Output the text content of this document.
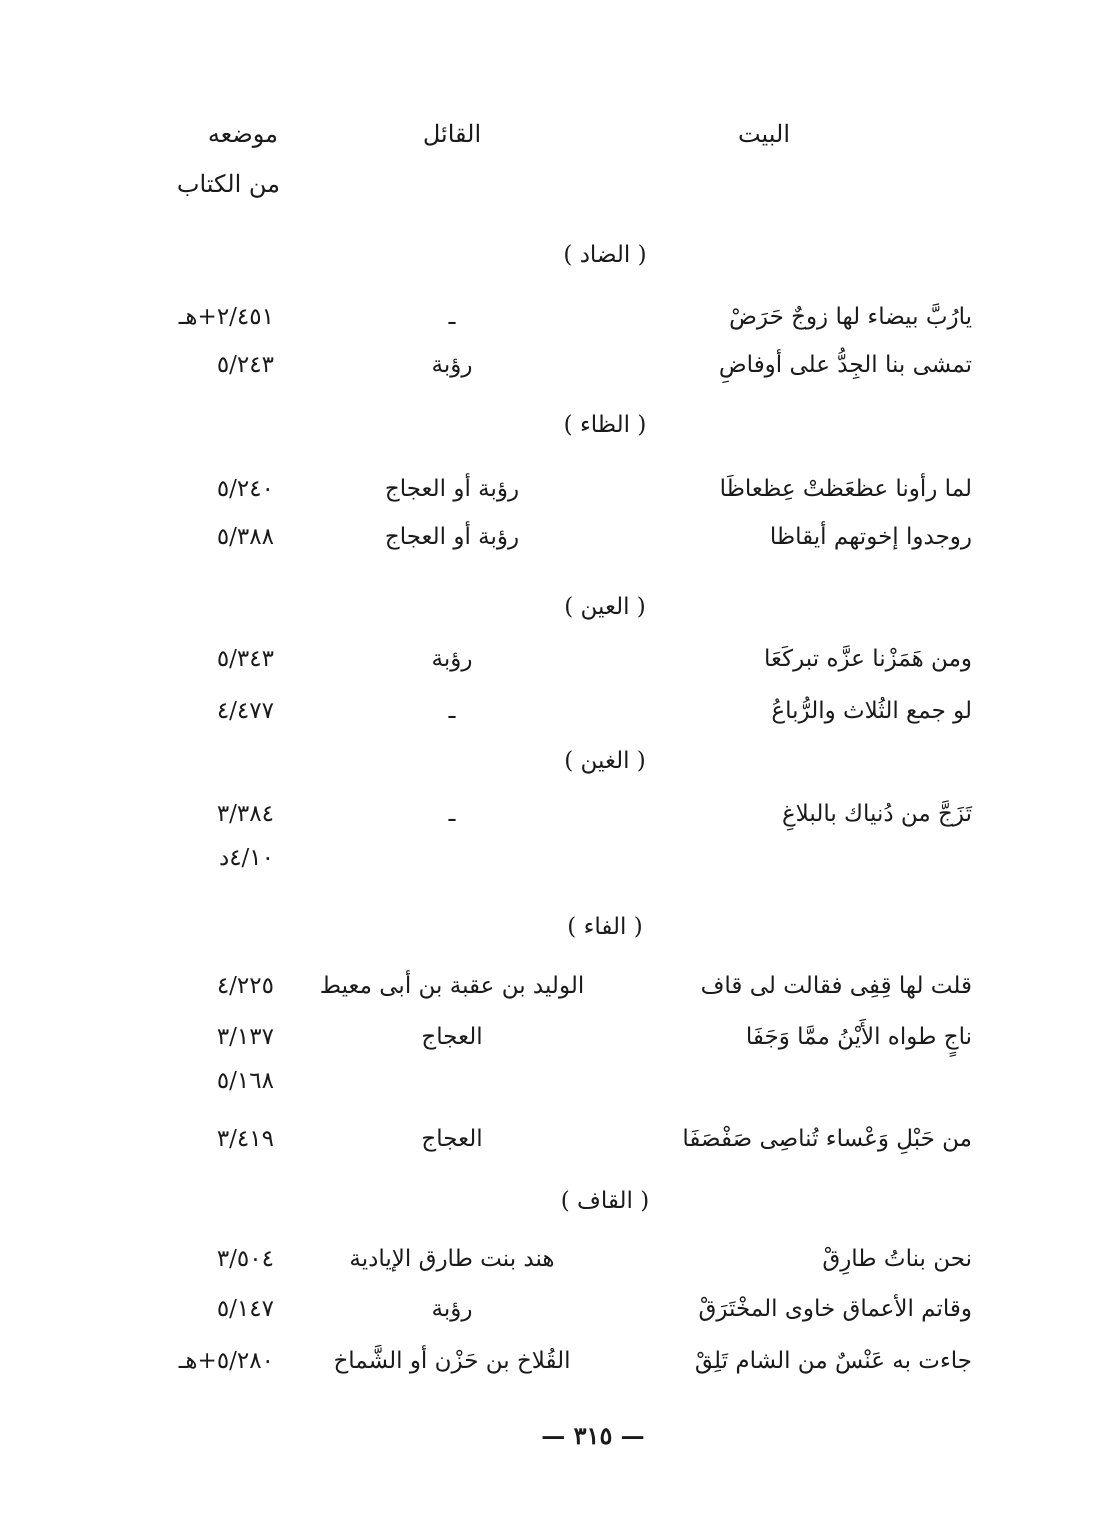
البيت
القائل
موضعه
من الكتاب
( الضاد )
يارُبَّ بيضاء لها زوجٌ حَرَضْ
ـ
٢/٤٥١+هـ
تمشى بنا الجِدُّ على أوفاضِ
رؤبة
٥/٢٤٣
( الظاء )
لما رأونا عظعَظتْ عِظعاظَا
رؤبة أو العجاج
٥/٢٤٠
روجدوا إخوتهم أيقاظا
رؤبة أو العجاج
٥/٣٨٨
( العين )
ومن هَمَزْنا عزَّه تبركَعَا
رؤبة
٥/٣٤٣
لو جمع الثُلاث والرُّباعُ
ـ
٤/٤٧٧
( الغين )
تَزَجَّ من دُنياك بالبلاغِ
ـ
٣/٣٨٤
٤/١٠د
( الفاء )
قلت لها قِفِى فقالت لى قاف
الوليد بن عقبة بن أبى معيط
٤/٢٢٥
ناجٍ طواه الأَيْنُ ممَّا وَجَفَا
العجاج
٣/١٣٧
٥/١٦٨
من حَبْلِ وَعْساء تُناصِى صَفْصَفَا
العجاج
٣/٤١٩
( القاف )
نحن بناتُ طارِقْ
هند بنت طارق الإيادية
٣/٥٠٤
وقاتم الأعماق خاوى المخْتَرَقْ
رؤبة
٥/١٤٧
جاءت به عَنْسٌ من الشام تَلِقْ
القُلاخ بن حَزْن أو الشَّماخ
٥/٢٨٠+هـ
— ٣١٥ —
